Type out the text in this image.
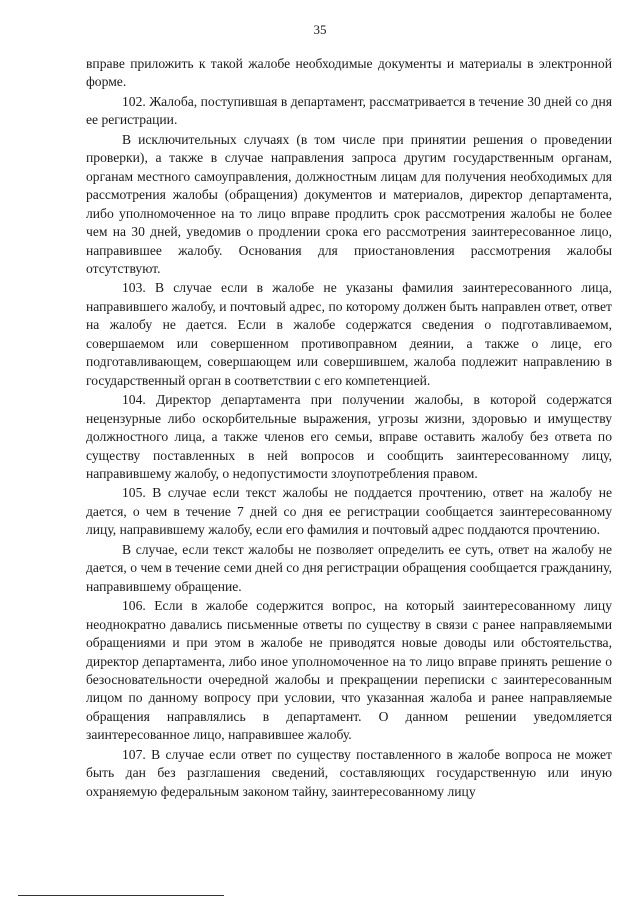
35

вправе приложить к такой жалобе необходимые документы и материалы в электронной форме.

102. Жалоба, поступившая в департамент, рассматривается в течение 30 дней со дня ее регистрации.

В исключительных случаях (в том числе при принятии решения о проведении проверки), а также в случае направления запроса другим государственным органам, органам местного самоуправления, должностным лицам для получения необходимых для рассмотрения жалобы (обращения) документов и материалов, директор департамента, либо уполномоченное на то лицо вправе продлить срок рассмотрения жалобы не более чем на 30 дней, уведомив о продлении срока его рассмотрения заинтересованное лицо, направившее жалобу. Основания для приостановления рассмотрения жалобы отсутствуют.

103. В случае если в жалобе не указаны фамилия заинтересованного лица, направившего жалобу, и почтовый адрес, по которому должен быть направлен ответ, ответ на жалобу не дается. Если в жалобе содержатся сведения о подготавливаемом, совершаемом или совершенном противоправном деянии, а также о лице, его подготавливающем, совершающем или совершившем, жалоба подлежит направлению в государственный орган в соответствии с его компетенцией.

104. Директор департамента при получении жалобы, в которой содержатся нецензурные либо оскорбительные выражения, угрозы жизни, здоровью и имуществу должностного лица, а также членов его семьи, вправе оставить жалобу без ответа по существу поставленных в ней вопросов и сообщить заинтересованному лицу, направившему жалобу, о недопустимости злоупотребления правом.

105. В случае если текст жалобы не поддается прочтению, ответ на жалобу не дается, о чем в течение 7 дней со дня ее регистрации сообщается заинтересованному лицу, направившему жалобу, если его фамилия и почтовый адрес поддаются прочтению.

В случае, если текст жалобы не позволяет определить ее суть, ответ на жалобу не дается, о чем в течение семи дней со дня регистрации обращения сообщается гражданину, направившему обращение.

106. Если в жалобе содержится вопрос, на который заинтересованному лицу неоднократно давались письменные ответы по существу в связи с ранее направляемыми обращениями и при этом в жалобе не приводятся новые доводы или обстоятельства, директор департамента, либо иное уполномоченное на то лицо вправе принять решение о безосновательности очередной жалобы и прекращении переписки с заинтересованным лицом по данному вопросу при условии, что указанная жалоба и ранее направляемые обращения направлялись в департамент. О данном решении уведомляется заинтересованное лицо, направившее жалобу.

107. В случае если ответ по существу поставленного в жалобе вопроса не может быть дан без разглашения сведений, составляющих государственную или иную охраняемую федеральным законом тайну, заинтересованному лицу
